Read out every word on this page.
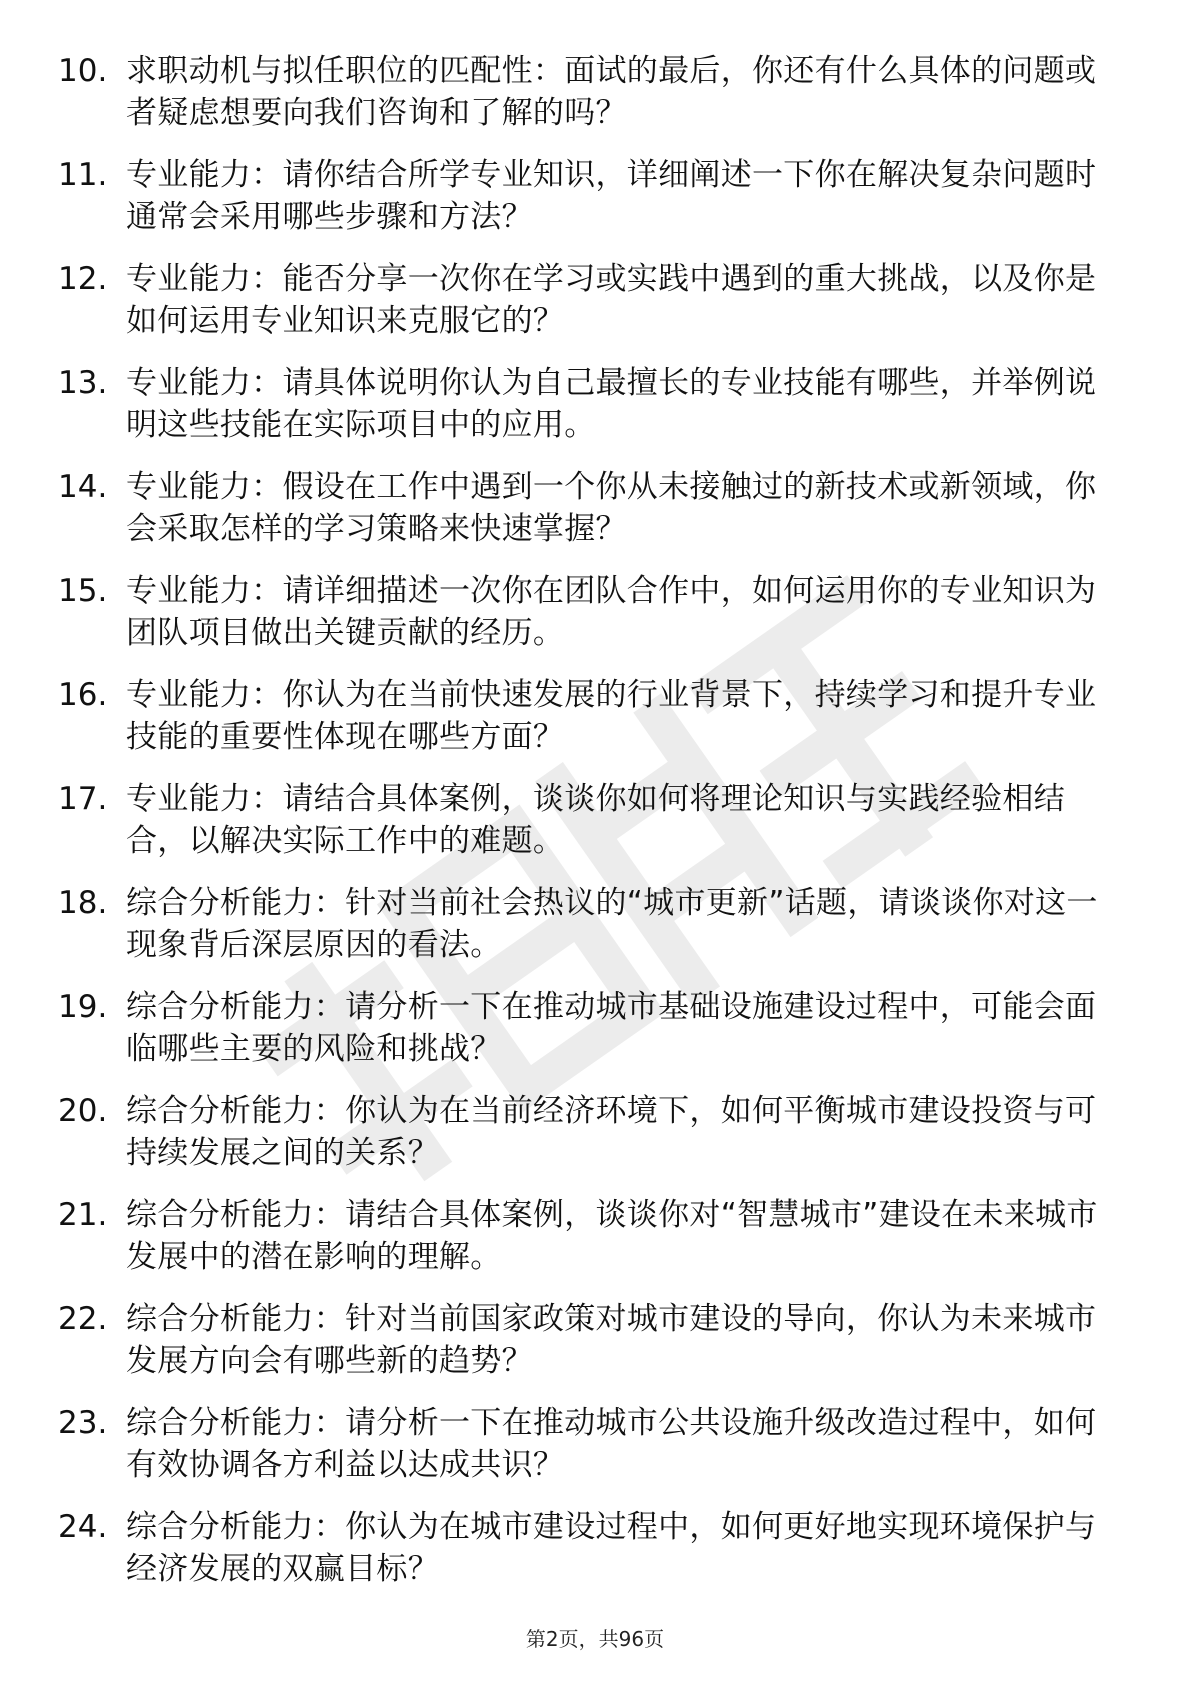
10. 求职动机与拟任职位的匹配性：面试的最后，你还有什么具体的问题或者疑虑想要向我们咨询和了解的吗？
11. 专业能力：请你结合所学专业知识，详细阐述一下你在解决复杂问题时通常会采用哪些步骤和方法？
12. 专业能力：能否分享一次你在学习或实践中遇到的重大挑战，以及你是如何运用专业知识来克服它的？
13. 专业能力：请具体说明你认为自己最擅长的专业技能有哪些，并举例说明这些技能在实际项目中的应用。
14. 专业能力：假设在工作中遇到一个你从未接触过的新技术或新领域，你会采取怎样的学习策略来快速掌握？
15. 专业能力：请详细描述一次你在团队合作中，如何运用你的专业知识为团队项目做出关键贡献的经历。
16. 专业能力：你认为在当前快速发展的行业背景下，持续学习和提升专业技能的重要性体现在哪些方面？
17. 专业能力：请结合具体案例，谈谈你如何将理论知识与实践经验相结合，以解决实际工作中的难题。
18. 综合分析能力：针对当前社会热议的“城市更新”话题，请谈谈你对这一现象背后深层原因的看法。
19. 综合分析能力：请分析一下在推动城市基础设施建设过程中，可能会面临哪些主要的风险和挑战？
20. 综合分析能力：你认为在当前经济环境下，如何平衡城市建设投资与可持续发展之间的关系？
21. 综合分析能力：请结合具体案例，谈谈你对“智慧城市”建设在未来城市发展中的潜在影响的理解。
22. 综合分析能力：针对当前国家政策对城市建设的导向，你认为未来城市发展方向会有哪些新的趋势？
23. 综合分析能力：请分析一下在推动城市公共设施升级改造过程中，如何有效协调各方利益以达成共识？
24. 综合分析能力：你认为在城市建设过程中，如何更好地实现环境保护与经济发展的双赢目标？
第2页，共96页
